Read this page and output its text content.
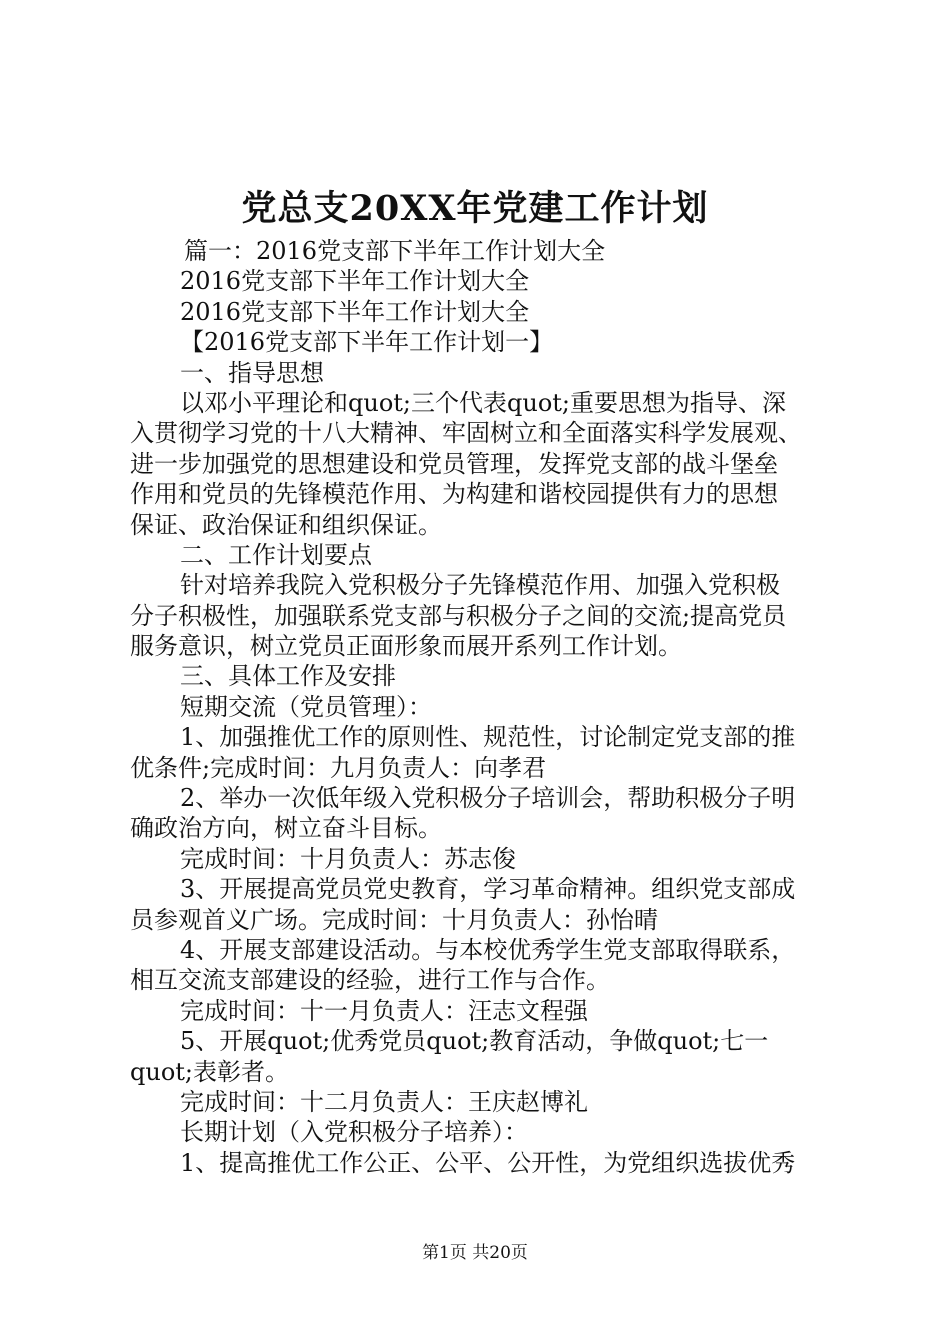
党总支20XX年党建工作计划
篇一：2016党支部下半年工作计划大全
2016党支部下半年工作计划大全
2016党支部下半年工作计划大全
【2016党支部下半年工作计划一】
一、指导思想
以邓小平理论和quot;三个代表quot;重要思想为指导、深
入贯彻学习党的十八大精神、牢固树立和全面落实科学发展观、
进一步加强党的思想建设和党员管理，发挥党支部的战斗堡垒
作用和党员的先锋模范作用、为构建和谐校园提供有力的思想
保证、政治保证和组织保证。
二、工作计划要点
针对培养我院入党积极分子先锋模范作用、加强入党积极
分子积极性，加强联系党支部与积极分子之间的交流;提高党员
服务意识，树立党员正面形象而展开系列工作计划。
三、具体工作及安排
短期交流（党员管理）：
1、加强推优工作的原则性、规范性，讨论制定党支部的推
优条件;完成时间：九月负责人：向孝君
2、举办一次低年级入党积极分子培训会，帮助积极分子明
确政治方向，树立奋斗目标。
完成时间：十月负责人：苏志俊
3、开展提高党员党史教育，学习革命精神。组织党支部成
员参观首义广场。完成时间：十月负责人：孙怡晴
4、开展支部建设活动。与本校优秀学生党支部取得联系，
相互交流支部建设的经验，进行工作与合作。
完成时间：十一月负责人：汪志文程强
5、开展quot;优秀党员quot;教育活动，争做quot;七一
quot;表彰者。
完成时间：十二月负责人：王庆赵博礼
长期计划（入党积极分子培养）：
1、提高推优工作公正、公平、公开性，为党组织选拔优秀
第1页 共20页
